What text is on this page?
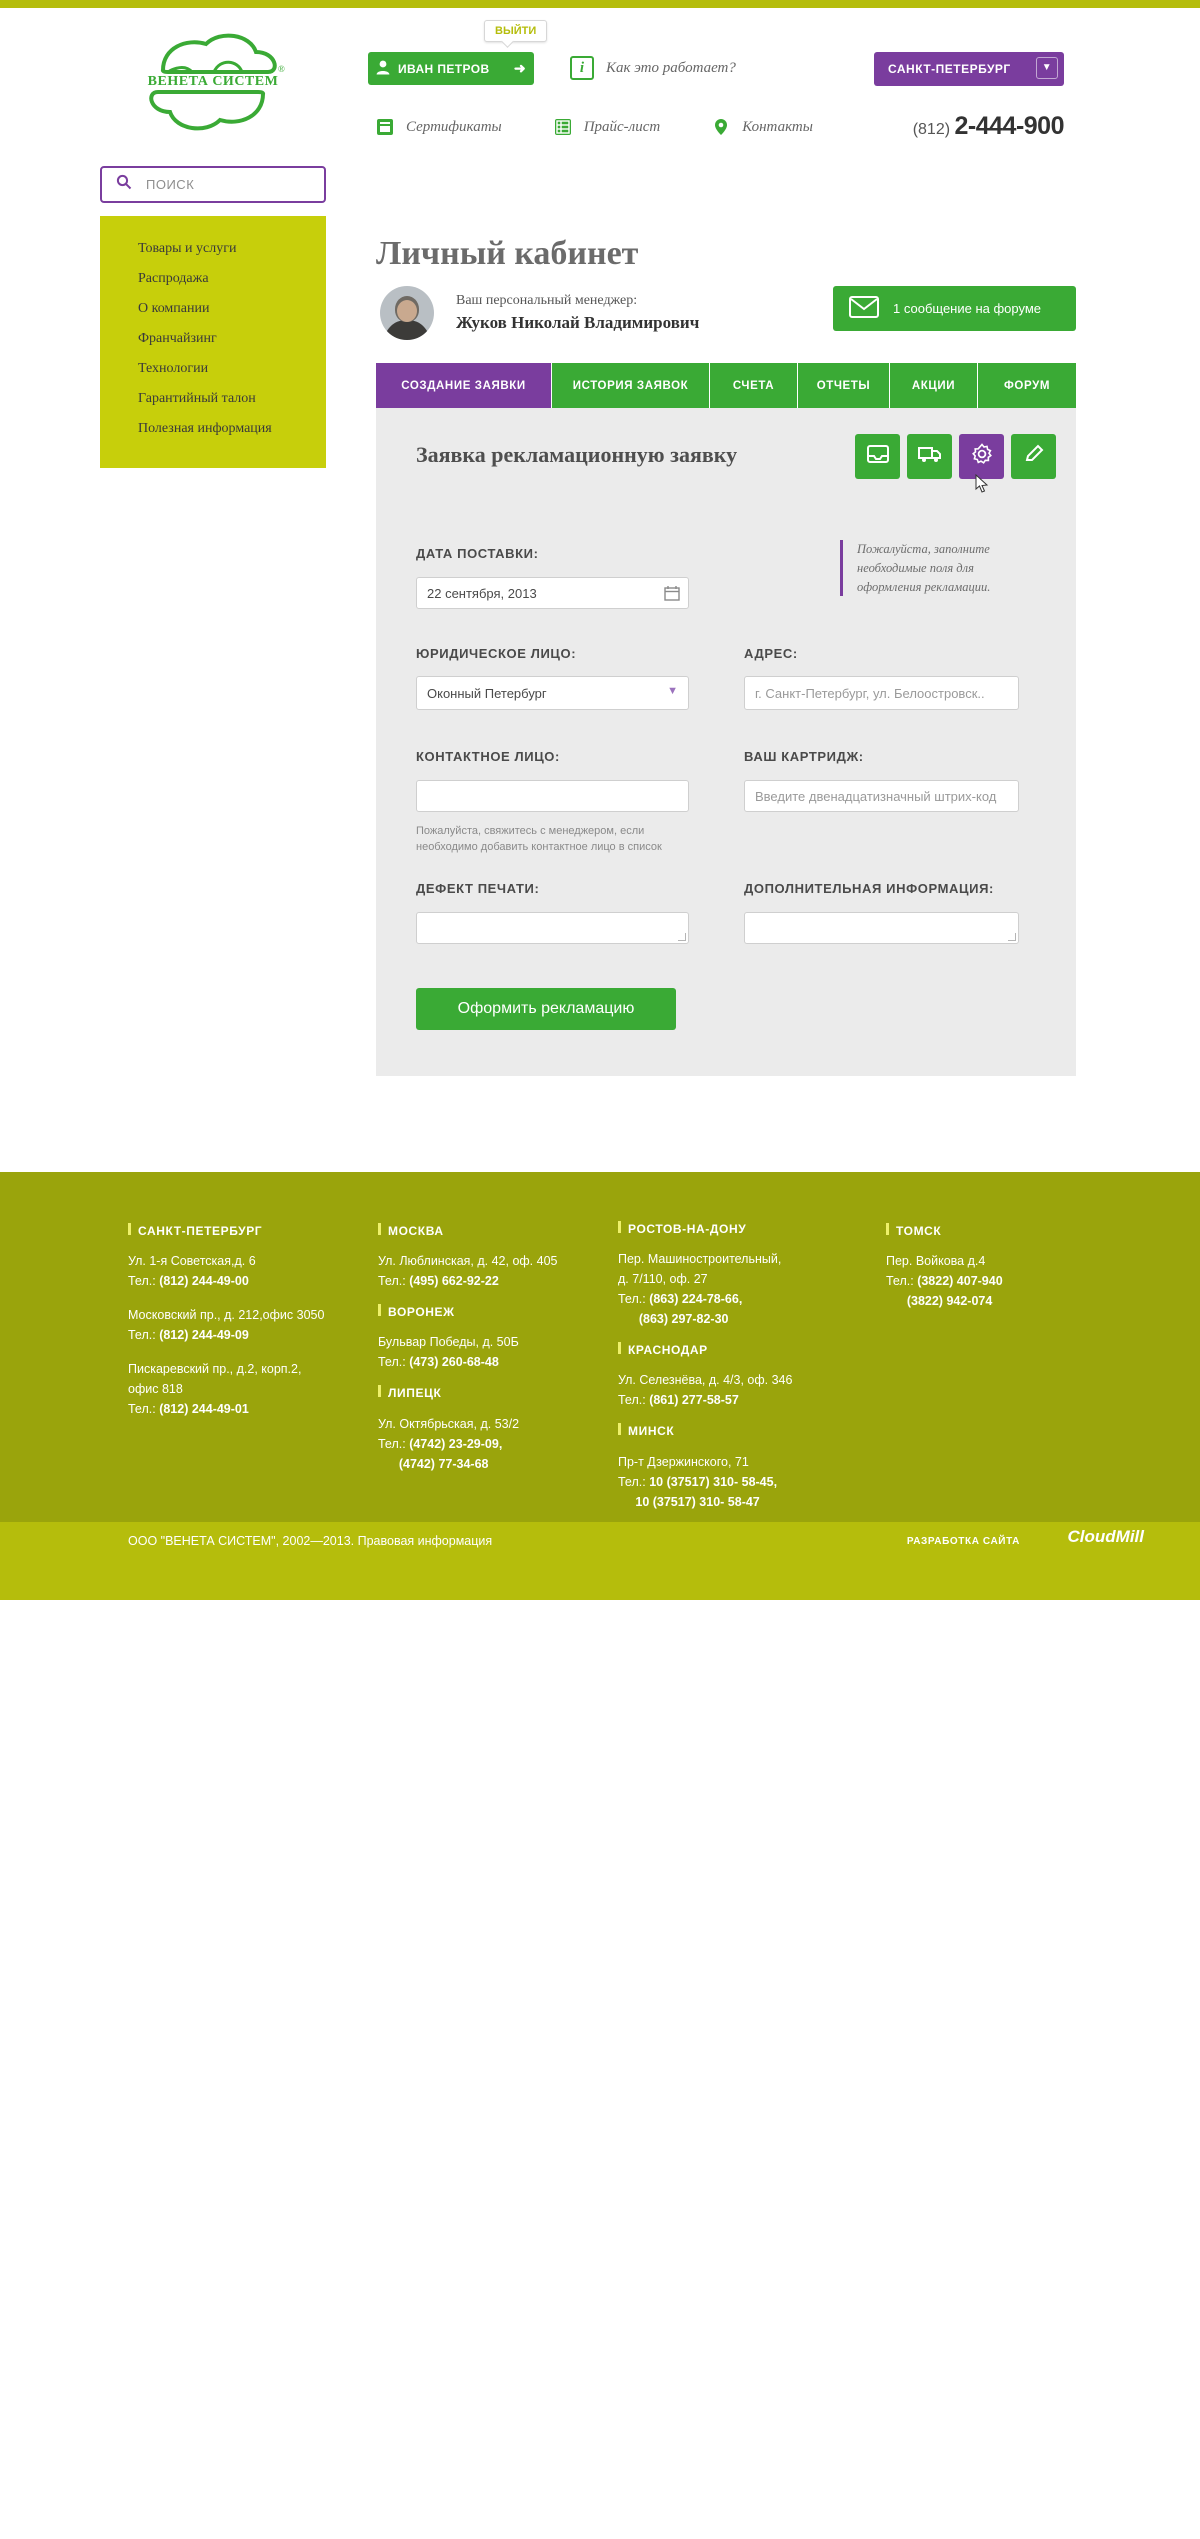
®
ВЕНЕТА СИСТЕМ
ВЫЙТИ
ИВАН ПЕТРОВ	➜	i	Как это работает?	САНКТ-ПЕТЕРБУРГ	▼
Сертификаты	Прайс-лист	Контакты	(812) 2-444-900
ПОИСК
Товары и услуги
Распродажа
О компании
Франчайзинг
Технологии
Гарантийный талон
Полезная информация
Личный кабинет
Ваш персональный менеджер:
Жуков Николай Владимирович
1 сообщение на форуме
СОЗДАНИЕ ЗАЯВКИ	ИСТОРИЯ ЗАЯВОК	СЧЕТА	ОТЧЕТЫ	АКЦИИ	ФОРУМ
Заявка рекламационную заявку
ДАТА ПОСТАВКИ:
22 сентября, 2013
ЮРИДИЧЕСКОЕ ЛИЦО:
Оконный Петербург	▼
АДРЕС:
г. Санкт-Петербург, ул. Белоостровск..
КОНТАКТНОЕ ЛИЦО:
Пожалуйста, свяжитесь с менеджером, если необходимо добавить контактное лицо в список
ВАШ КАРТРИДЖ:
Введите двенадцатизначный штрих-код
ДЕФЕКТ ПЕЧАТИ:	ДОПОЛНИТЕЛЬНАЯ ИНФОРМАЦИЯ:
Оформить рекламацию
Пожалуйста, заполните необходимые поля для оформления рекламации.
САНКТ-ПЕТЕРБУРГ
Ул. 1-я Советская,д. 6
Тел.: (812) 244-49-00
Московский пр., д. 212,офис 3050
Тел.: (812) 244-49-09
Пискаревский пр., д.2, корп.2,
офис 818
Тел.: (812) 244-49-01
МОСКВА
Ул. Люблинская, д. 42, оф. 405
Тел.: (495) 662-92-22
ВОРОНЕЖ
Бульвар Победы, д. 50Б
Тел.: (473) 260-68-48
ЛИПЕЦК
Ул. Октябрьская, д. 53/2
Тел.: (4742) 23-29-09,
(4742) 77-34-68
РОСТОВ-НА-ДОНУ
Пер. Машиностроительный,
д. 7/110, оф. 27
Тел.: (863) 224-78-66,
(863) 297-82-30
КРАСНОДАР
Ул. Селезнёва, д. 4/3, оф. 346
Тел.: (861) 277-58-57
МИНСК
Пр-т Дзержинского, 71
Тел.: 10 (37517) 310- 58-45,
10 (37517) 310- 58-47
ТОМСК
Пер. Войкова д.4
Тел.: (3822) 407-940
(3822) 942-074
КАРТА САЙТА
ООО "ВЕНЕТА СИСТЕМ", 2002—2013. Правовая информация	РАЗРАБОТКА САЙТА	CloudMill
